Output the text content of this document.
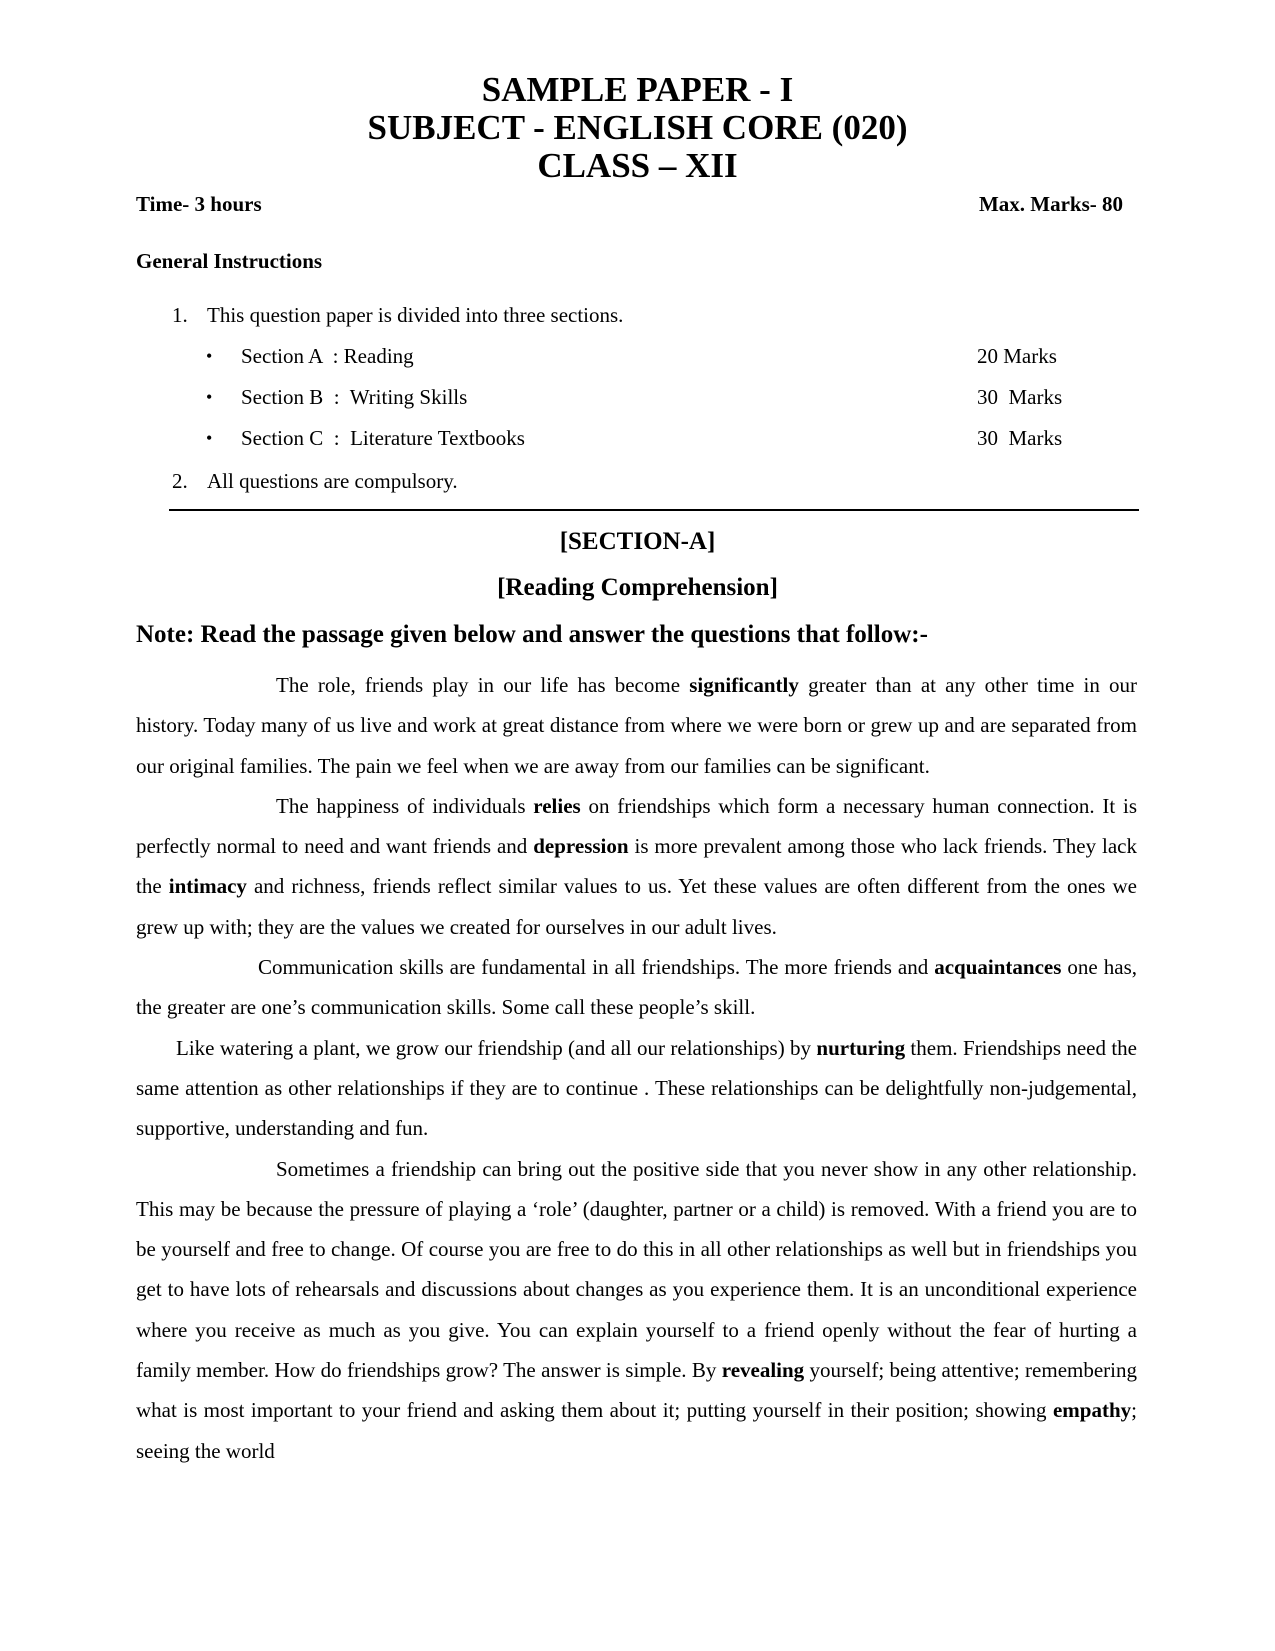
SAMPLE PAPER - I
SUBJECT - ENGLISH CORE (020)
CLASS – XII
Time- 3 hours	Max. Marks- 80
General Instructions
1. This question paper is divided into three sections.
• Section A  : Reading	20 Marks
• Section B  :  Writing Skills	30  Marks
• Section C  :  Literature Textbooks	30  Marks
2. All questions are compulsory.
[SECTION-A]
[Reading Comprehension]
Note: Read the passage given below and answer the questions that follow:-

The role, friends play in our life has become significantly greater than at any other time in our history. Today many of us live and work at great distance from where we were born or grew up and are separated from our original families. The pain we feel when we are away from our families can be significant.

The happiness of individuals relies on friendships which form a necessary human connection. It is perfectly normal to need and want friends and depression is more prevalent among those who lack friends. They lack the intimacy and richness, friends reflect similar values to us. Yet these values are often different from the ones we grew up with; they are the values we created for ourselves in our adult lives.

Communication skills are fundamental in all friendships. The more friends and acquaintances one has, the greater are one’s communication skills. Some call these people’s skill.

Like watering a plant, we grow our friendship (and all our relationships) by nurturing them. Friendships need the same attention as other relationships if they are to continue . These relationships can be delightfully non-judgemental, supportive, understanding and fun.

Sometimes a friendship can bring out the positive side that you never show in any other relationship. This may be because the pressure of playing a ‘role’ (daughter, partner or a child) is removed. With a friend you are to be yourself and free to change. Of course you are free to do this in all other relationships as well but in friendships you get to have lots of rehearsals and discussions about changes as you experience them. It is an unconditional experience where you receive as much as you give. You can explain yourself to a friend openly without the fear of hurting a family member. How do friendships grow? The answer is simple. By revealing yourself; being attentive; remembering what is most important to your friend and asking them about it; putting yourself in their position; showing empathy; seeing the world
